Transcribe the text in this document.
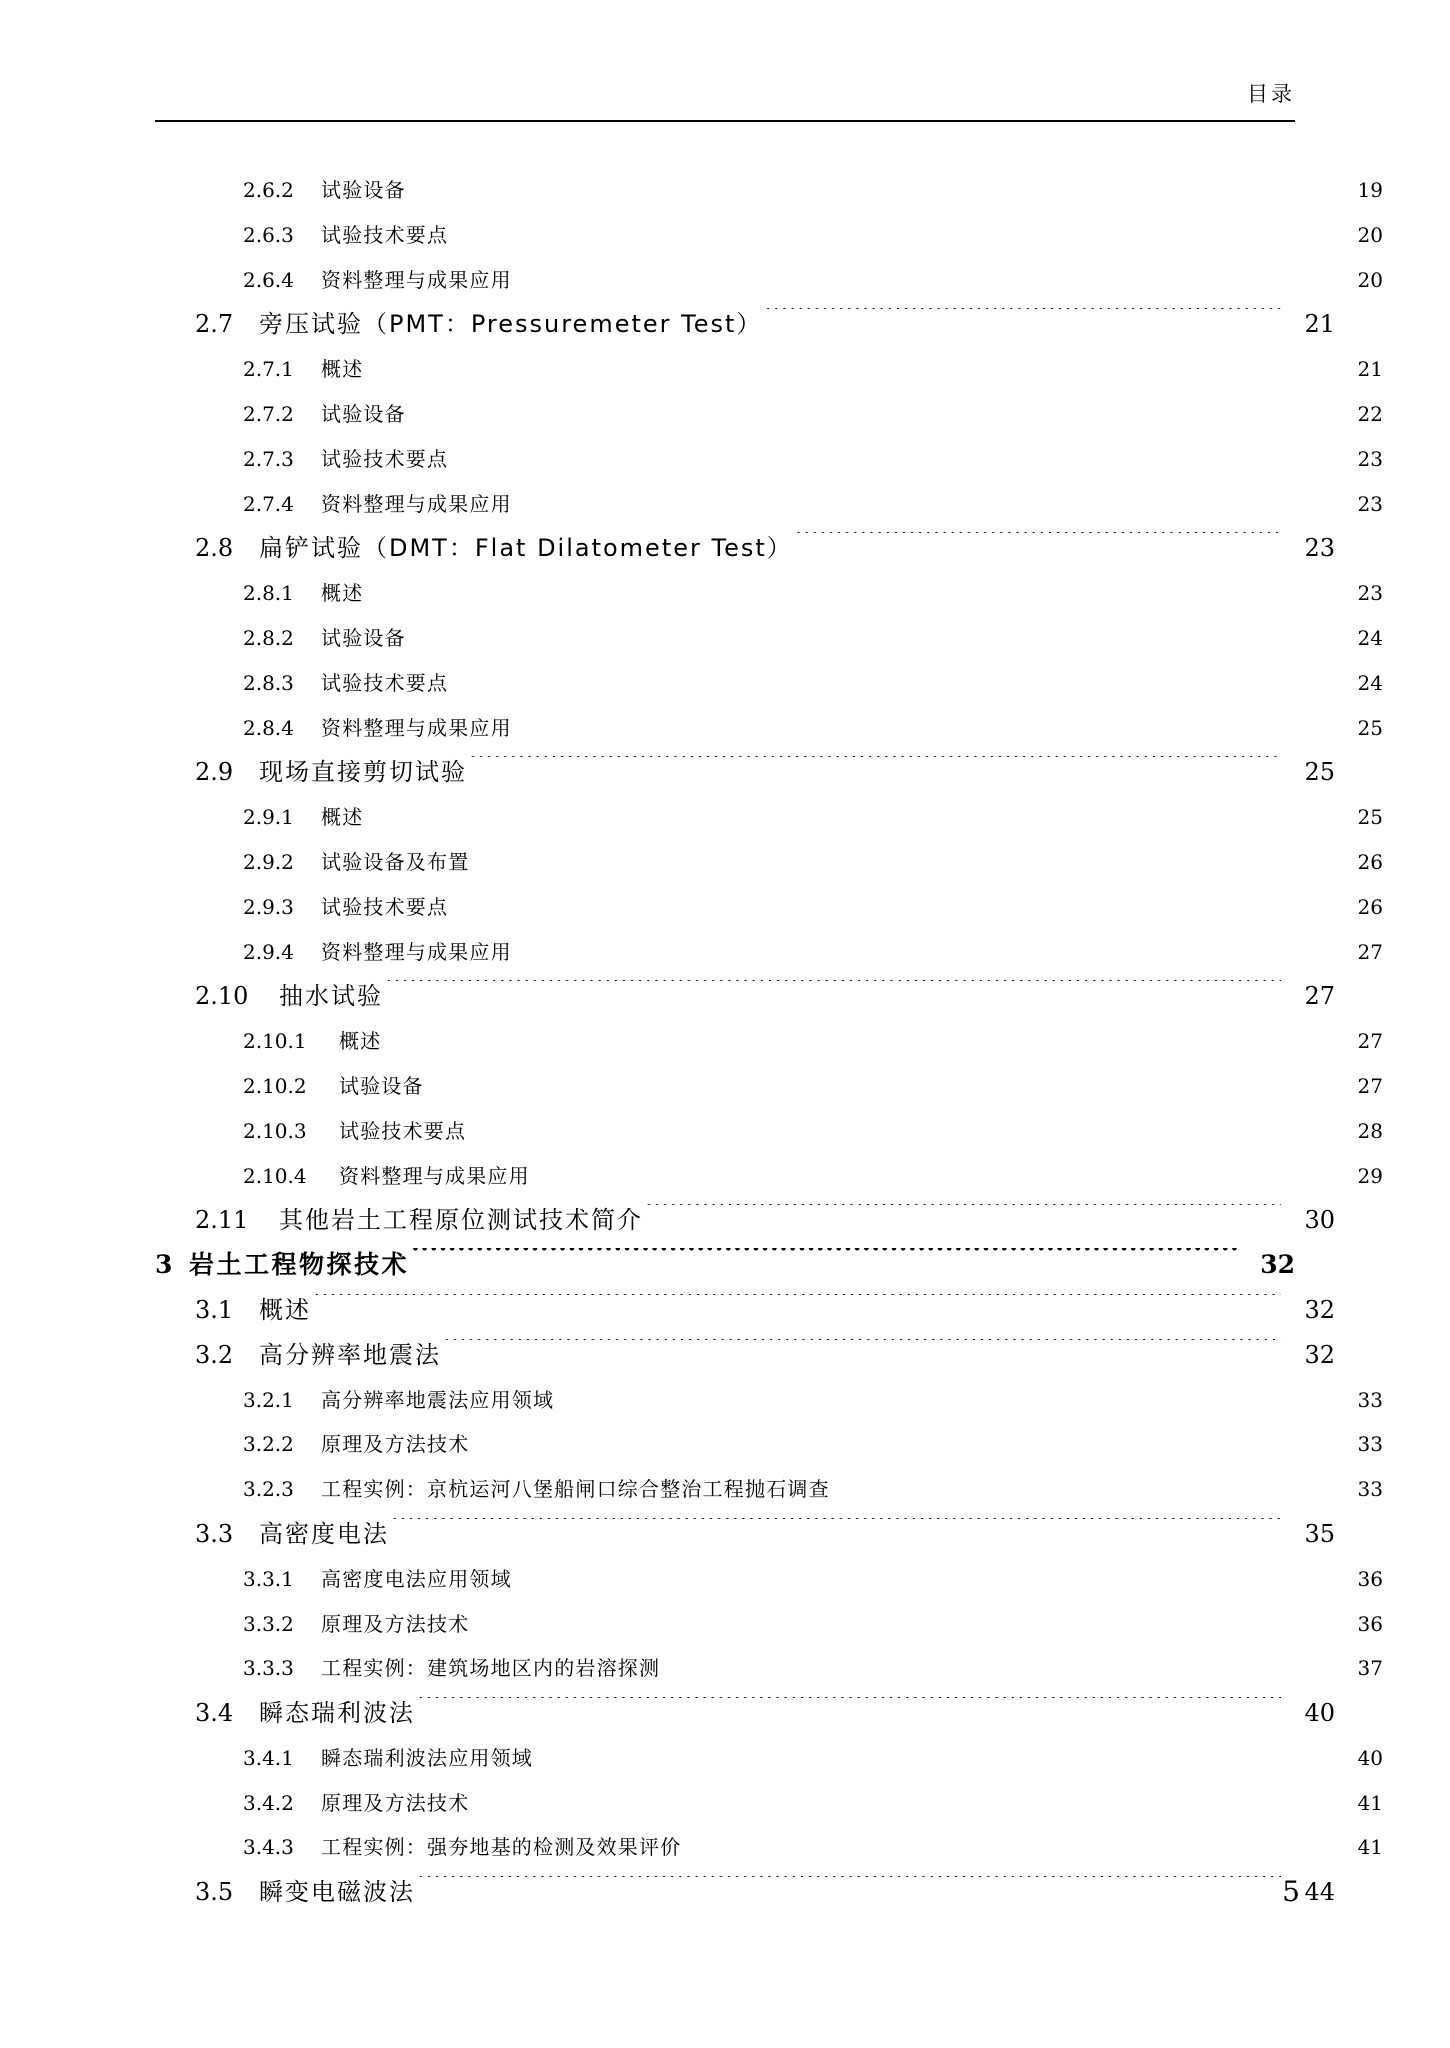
目录
2.6.2	试验设备 ·····	19
2.6.3	试验技术要点 ·····	20
2.6.4	资料整理与成果应用 ·····	20
2.7	旁压试验（PMT：Pressuremeter Test） ·····	21
2.7.1	概述 ·····	21
2.7.2	试验设备 ·····	22
2.7.3	试验技术要点 ·····	23
2.7.4	资料整理与成果应用 ·····	23
2.8	扁铲试验（DMT：Flat Dilatometer Test） ·····	23
2.8.1	概述 ·····	23
2.8.2	试验设备 ·····	24
2.8.3	试验技术要点 ·····	24
2.8.4	资料整理与成果应用 ·····	25
2.9	现场直接剪切试验 ·····	25
2.9.1	概述 ·····	25
2.9.2	试验设备及布置 ·····	26
2.9.3	试验技术要点 ·····	26
2.9.4	资料整理与成果应用 ·····	27
2.10	抽水试验 ·····	27
2.10.1	概述 ·····	27
2.10.2	试验设备 ·····	27
2.10.3	试验技术要点 ·····	28
2.10.4	资料整理与成果应用 ·····	29
2.11	其他岩土工程原位测试技术简介 ·····	30
3 岩土工程物探技术 ·····	32
3.1	概述 ·····	32
3.2	高分辨率地震法 ·····	32
3.2.1	高分辨率地震法应用领域 ·····	33
3.2.2	原理及方法技术 ·····	33
3.2.3	工程实例：京杭运河八堡船闸口综合整治工程抛石调查 ·····	33
3.3	高密度电法 ·····	35
3.3.1	高密度电法应用领域 ·····	36
3.3.2	原理及方法技术 ·····	36
3.3.3	工程实例：建筑场地区内的岩溶探测 ·····	37
3.4	瞬态瑞利波法 ·····	40
3.4.1	瞬态瑞利波法应用领域 ·····	40
3.4.2	原理及方法技术 ·····	41
3.4.3	工程实例：强夯地基的检测及效果评价 ·····	41
3.5	瞬变电磁波法 ·····	44
5
